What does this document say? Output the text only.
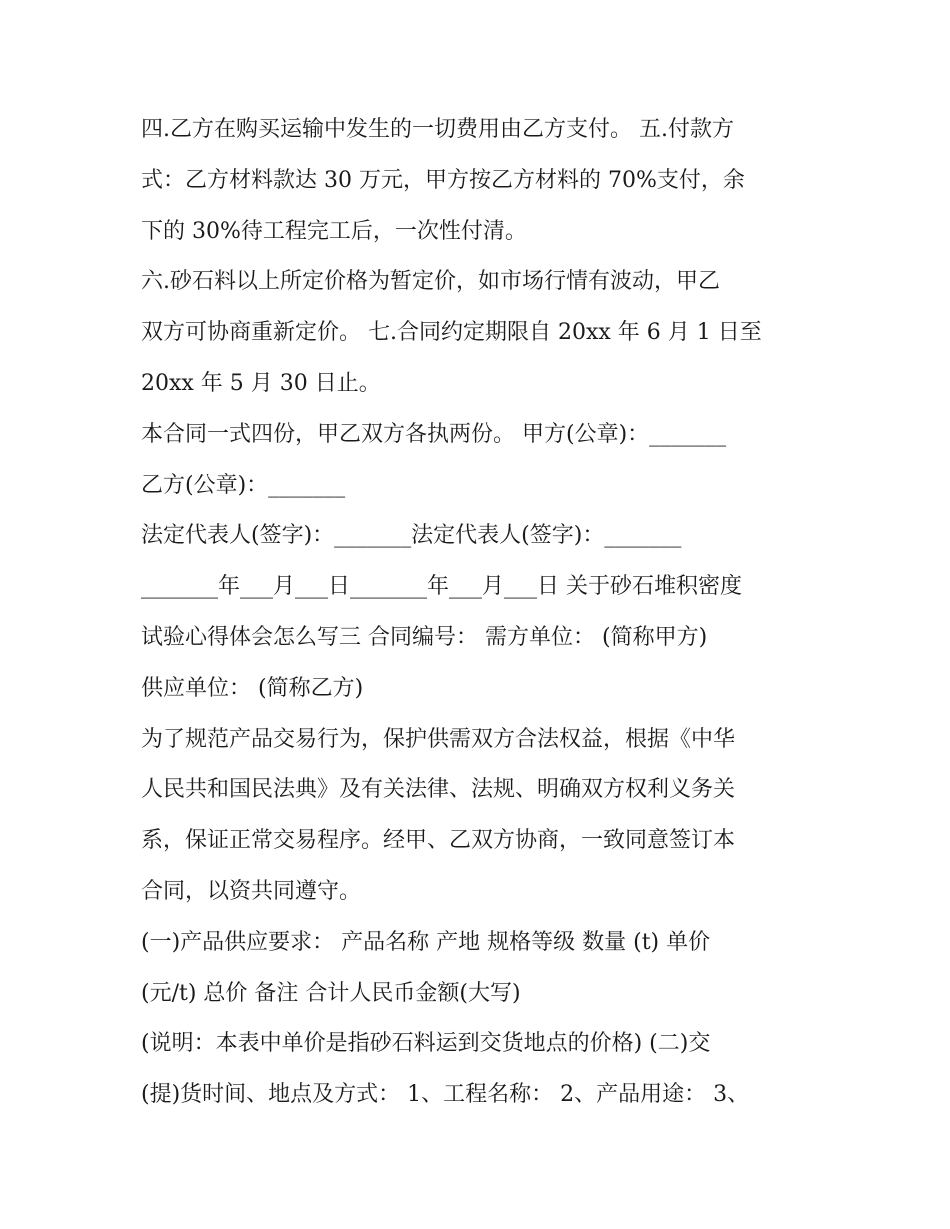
四.乙方在购买运输中发生的一切费用由乙方支付。 五.付款方
式：乙方材料款达 30 万元，甲方按乙方材料的 70%支付，余
下的 30%待工程完工后，一次性付清。
六.砂石料以上所定价格为暂定价，如市场行情有波动，甲乙
双方可协商重新定价。 七.合同约定期限自 20xx 年 6 月 1 日至
20xx 年 5 月 30 日止。
本合同一式四份，甲乙双方各执两份。 甲方(公章)：_______
乙方(公章)：_______
法定代表人(签字)：_______法定代表人(签字)：_______
_______年___月___日_______年___月___日 关于砂石堆积密度
试验心得体会怎么写三 合同编号： 需方单位： (简称甲方)
供应单位： (简称乙方)
为了规范产品交易行为，保护供需双方合法权益，根据《中华
人民共和国民法典》及有关法律、法规、明确双方权利义务关
系，保证正常交易程序。经甲、乙双方协商，一致同意签订本
合同，以资共同遵守。
(一)产品供应要求： 产品名称 产地 规格等级 数量 (t) 单价
(元/t) 总价 备注 合计人民币金额(大写)
(说明：本表中单价是指砂石料运到交货地点的价格) (二)交
(提)货时间、地点及方式： 1、工程名称： 2、产品用途： 3、
